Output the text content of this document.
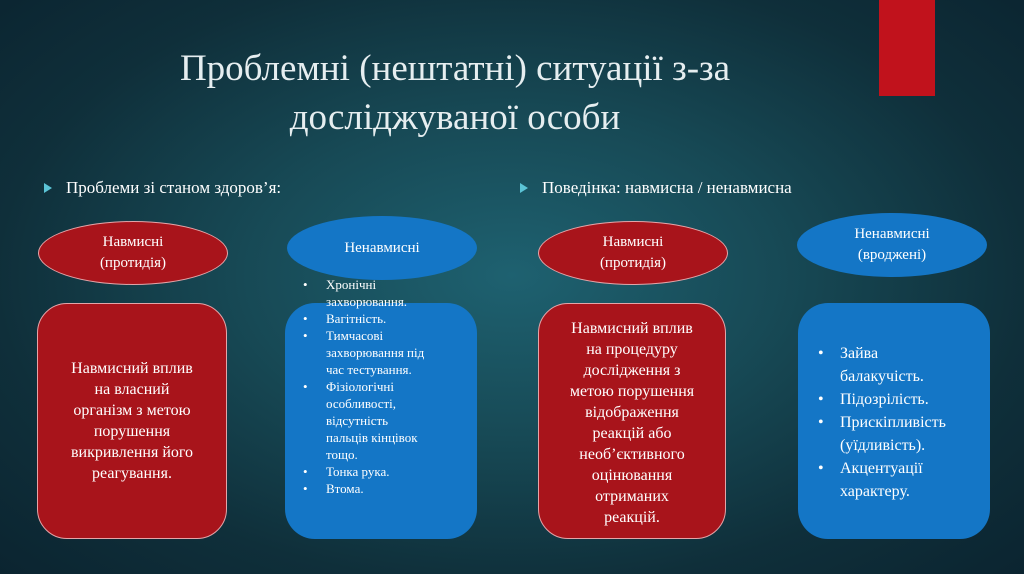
Проблемні (нештатні) ситуації з-за
досліджуваної особи
Проблеми зі станом здоров’я:	Поведінка: навмисна / ненавмисна
Навмисний вплив
на власний
організм з метою
порушення
викривлення його
реагування.
Навмисний вплив
на процедуру
дослідження з
метою порушення
відображення
реакцій або
необ’єктивного
оцінювання
отриманих
реакцій.
Навмисні
(протидія)
Ненавмисні	Навмисні
(протидія)
Ненавмисні
(вроджені)
• Хронічні
захворювання.
• Вагітність.
• Тимчасові
захворювання під
час тестування.
• Фізіологічні
особливості,
відсутність
пальців кінцівок
тощо.
• Тонка рука.
• Втома.
• Зайва
балакучість.
• Підозрілість.
• Прискіпливість
(уїдливість).
• Акцентуації
характеру.
